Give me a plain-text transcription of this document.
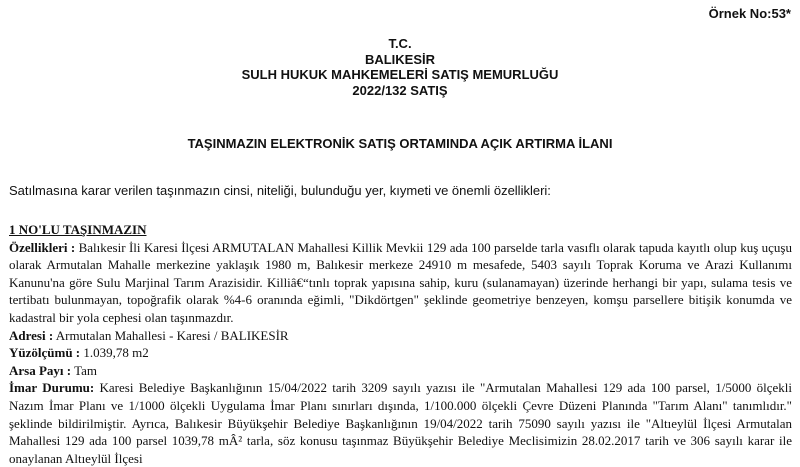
Örnek No:53*
T.C.
BALIKESİR
SULH HUKUK MAHKEMELERİ SATIŞ MEMURLUĞU
2022/132 SATIŞ
TAŞINMAZIN ELEKTRONİK SATIŞ ORTAMINDA AÇIK ARTIRMA İLANI
Satılmasına karar verilen taşınmazın cinsi, niteliği, bulunduğu yer, kıymeti ve önemli özellikleri:

1 NO'LU TAŞINMAZIN

Özellikleri : Balıkesir İli Karesi İlçesi ARMUTALAN Mahallesi Killik Mevkii 129 ada 100 parselde tarla vasıflı olarak tapuda kayıtlı olup kuş uçuşu olarak Armutalan Mahalle merkezine yaklaşık 1980 m, Balıkesir merkeze 24910 m mesafede, 5403 sayılı Toprak Koruma ve Arazi Kullanımı Kanunu'na göre Sulu Marjinal Tarım Arazisidir. Killiâ€“tınlı toprak yapısına sahip, kuru (sulanamayan) üzerinde herhangi bir yapı, sulama tesis ve tertibatı bulunmayan, topoğrafik olarak %4-6 oranında eğimli, "Dikdörtgen" şeklinde geometriye benzeyen, komşu parsellere bitişik konumda ve kadastral bir yola cephesi olan taşınmazdır.

Adresi : Armutalan Mahallesi - Karesi / BALIKESİR

Yüzölçümü : 1.039,78 m2

Arsa Payı : Tam

İmar Durumu: Karesi Belediye Başkanlığının 15/04/2022 tarih 3209 sayılı yazısı ile "Armutalan Mahallesi 129 ada 100 parsel, 1/5000 ölçekli Nazım İmar Planı ve 1/1000 ölçekli Uygulama İmar Planı sınırları dışında, 1/100.000 ölçekli Çevre Düzeni Planında "Tarım Alanı" tanımlıdır." şeklinde bildirilmiştir. Ayrıca, Balıkesir Büyükşehir Belediye Başkanlığının 19/04/2022 tarih 75090 sayılı yazısı ile "Altıeylül İlçesi Armutalan Mahallesi 129 ada 100 parsel 1039,78 mÂ² tarla, söz konusu taşınmaz Büyükşehir Belediye Meclisimizin 28.02.2017 tarih ve 306 sayılı karar ile onaylanan Altıeylül İlçesi
